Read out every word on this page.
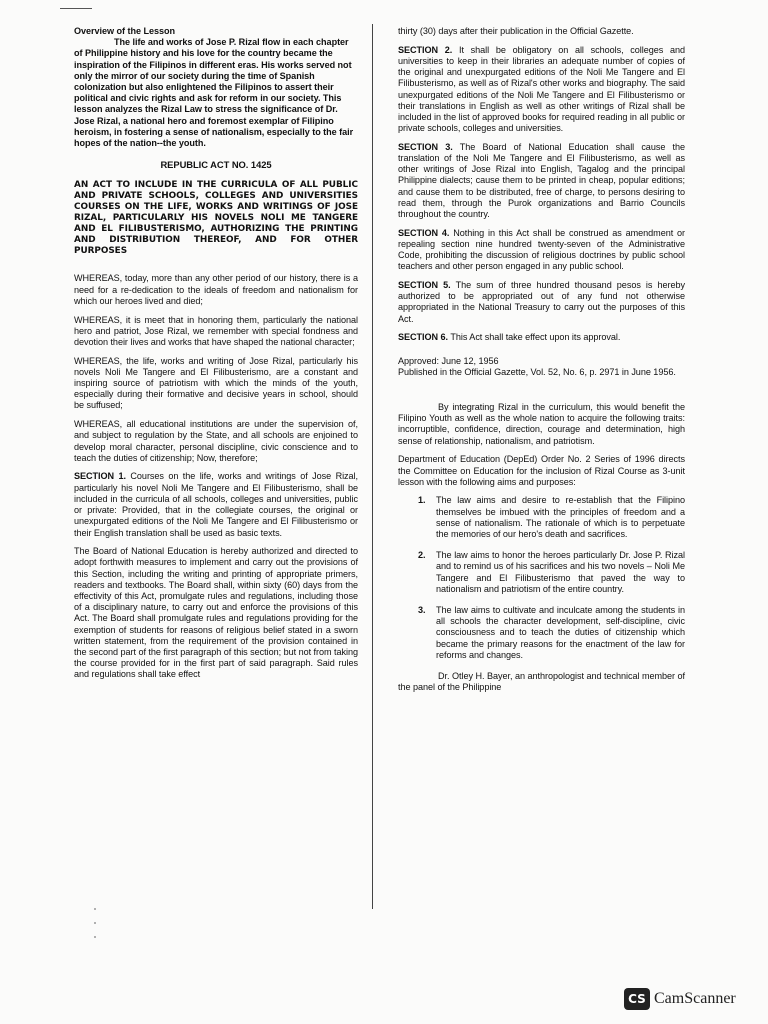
Overview of the Lesson

The life and works of Jose P. Rizal flow in each chapter of Philippine history and his love for the country became the inspiration of the Filipinos in different eras. His works served not only the mirror of our society during the time of Spanish colonization but also enlightened the Filipinos to assert their political and civic rights and ask for reform in our society. This lesson analyzes the Rizal Law to stress the significance of Dr. Jose Rizal, a national hero and foremost exemplar of Filipino heroism, in fostering a sense of nationalism, especially to the fair hopes of the nation--the youth.

REPUBLIC ACT NO. 1425

AN ACT TO INCLUDE IN THE CURRICULA OF ALL PUBLIC AND PRIVATE SCHOOLS, COLLEGES AND UNIVERSITIES COURSES ON THE LIFE, WORKS AND WRITINGS OF JOSE RIZAL, PARTICULARLY HIS NOVELS NOLI ME TANGERE AND EL FILIBUSTERISMO, AUTHORIZING THE PRINTING AND DISTRIBUTION THEREOF, AND FOR OTHER PURPOSES

WHEREAS, today, more than any other period of our history, there is a need for a re-dedication to the ideals of freedom and nationalism for which our heroes lived and died;

WHEREAS, it is meet that in honoring them, particularly the national hero and patriot, Jose Rizal, we remember with special fondness and devotion their lives and works that have shaped the national character;

WHEREAS, the life, works and writing of Jose Rizal, particularly his novels Noli Me Tangere and El Filibusterismo, are a constant and inspiring source of patriotism with which the minds of the youth, especially during their formative and decisive years in school, should be suffused;

WHEREAS, all educational institutions are under the supervision of, and subject to regulation by the State, and all schools are enjoined to develop moral character, personal discipline, civic conscience and to teach the duties of citizenship; Now, therefore;

SECTION 1. Courses on the life, works and writings of Jose Rizal, particularly his novel Noli Me Tangere and El Filibusterismo, shall be included in the curricula of all schools, colleges and universities, public or private: Provided, that in the collegiate courses, the original or unexpurgated editions of the Noli Me Tangere and El Filibusterismo or their English translation shall be used as basic texts.

The Board of National Education is hereby authorized and directed to adopt forthwith measures to implement and carry out the provisions of this Section, including the writing and printing of appropriate primers, readers and textbooks. The Board shall, within sixty (60) days from the effectivity of this Act, promulgate rules and regulations, including those of a disciplinary nature, to carry out and enforce the provisions of this Act. The Board shall promulgate rules and regulations providing for the exemption of students for reasons of religious belief stated in a sworn written statement, from the requirement of the provision contained in the second part of the first paragraph of this section; but not from taking the course provided for in the first part of said paragraph. Said rules and regulations shall take effect

thirty (30) days after their publication in the Official Gazette.

SECTION 2. It shall be obligatory on all schools, colleges and universities to keep in their libraries an adequate number of copies of the original and unexpurgated editions of the Noli Me Tangere and El Filibusterismo, as well as of Rizal's other works and biography. The said unexpurgated editions of the Noli Me Tangere and El Filibusterismo or their translations in English as well as other writings of Rizal shall be included in the list of approved books for required reading in all public or private schools, colleges and universities.

SECTION 3. The Board of National Education shall cause the translation of the Noli Me Tangere and El Filibusterismo, as well as other writings of Jose Rizal into English, Tagalog and the principal Philippine dialects; cause them to be printed in cheap, popular editions; and cause them to be distributed, free of charge, to persons desiring to read them, through the Purok organizations and Barrio Councils throughout the country.

SECTION 4. Nothing in this Act shall be construed as amendment or repealing section nine hundred twenty-seven of the Administrative Code, prohibiting the discussion of religious doctrines by public school teachers and other person engaged in any public school.

SECTION 5. The sum of three hundred thousand pesos is hereby authorized to be appropriated out of any fund not otherwise appropriated in the National Treasury to carry out the purposes of this Act.

SECTION 6. This Act shall take effect upon its approval.

Approved: June 12, 1956
Published in the Official Gazette, Vol. 52, No. 6, p. 2971 in June 1956.

By integrating Rizal in the curriculum, this would benefit the Filipino Youth as well as the whole nation to acquire the following traits: incorruptible, confidence, direction, courage and determination, high sense of relationship, nationalism, and patriotism.

Department of Education (DepEd) Order No. 2 Series of 1996 directs the Committee on Education for the inclusion of Rizal Course as 3-unit lesson with the following aims and purposes:

1. The law aims and desire to re-establish that the Filipino themselves be imbued with the principles of freedom and a sense of nationalism. The rationale of which is to perpetuate the memories of our hero's death and sacrifices.
2. The law aims to honor the heroes particularly Dr. Jose P. Rizal and to remind us of his sacrifices and his two novels – Noli Me Tangere and El Filibusterismo that paved the way to nationalism and patriotism of the entire country.
3. The law aims to cultivate and inculcate among the students in all schools the character development, self-discipline, civic consciousness and to teach the duties of citizenship which became the primary reasons for the enactment of the law for reforms and changes.

Dr. Otley H. Bayer, an anthropologist and technical member of the panel of the Philippine

CS CamScanner
